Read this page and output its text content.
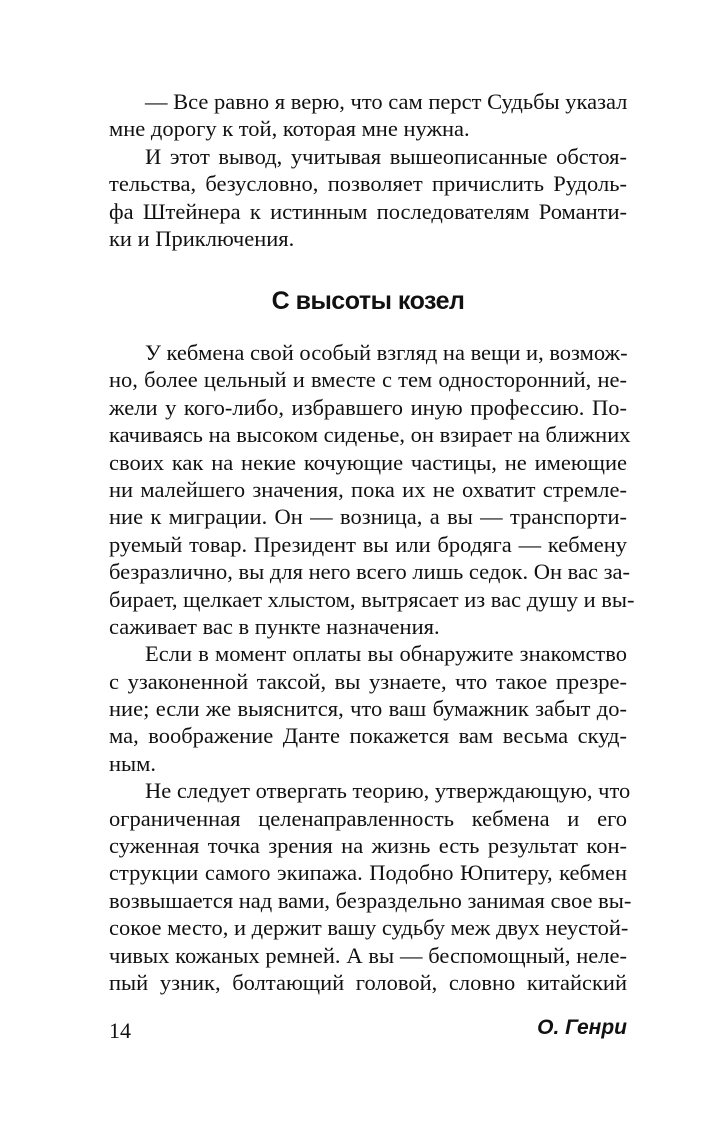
— Все равно я верю, что сам перст Судьбы указал
мне дорогу к той, которая мне нужна.
И этот вывод, учитывая вышеописанные обстоя-
тельства, безусловно, позволяет причислить Рудоль-
фа Штейнера к истинным последователям Романти-
ки и Приключения.
С высоты козел
У кебмена свой особый взгляд на вещи и, возмож-
но, более цельный и вместе с тем односторонний, не-
жели у кого-либо, избравшего иную профессию. По-
качиваясь на высоком сиденье, он взирает на ближних
своих как на некие кочующие частицы, не имеющие
ни малейшего значения, пока их не охватит стремле-
ние к миграции. Он — возница, а вы — транспорти-
руемый товар. Президент вы или бродяга — кебмену
безразлично, вы для него всего лишь седок. Он вас за-
бирает, щелкает хлыстом, вытрясает из вас душу и вы-
саживает вас в пункте назначения.
Если в момент оплаты вы обнаружите знакомство
с узаконенной таксой, вы узнаете, что такое презре-
ние; если же выяснится, что ваш бумажник забыт до-
ма, воображение Данте покажется вам весьма скуд-
ным.
Не следует отвергать теорию, утверждающую, что
ограниченная целенаправленность кебмена и его
суженная точка зрения на жизнь есть результат кон-
струкции самого экипажа. Подобно Юпитеру, кебмен
возвышается над вами, безраздельно занимая свое вы-
сокое место, и держит вашу судьбу меж двух неустой-
чивых кожаных ремней. А вы — беспомощный, неле-
пый узник, болтающий головой, словно китайский
14	О. Генри
